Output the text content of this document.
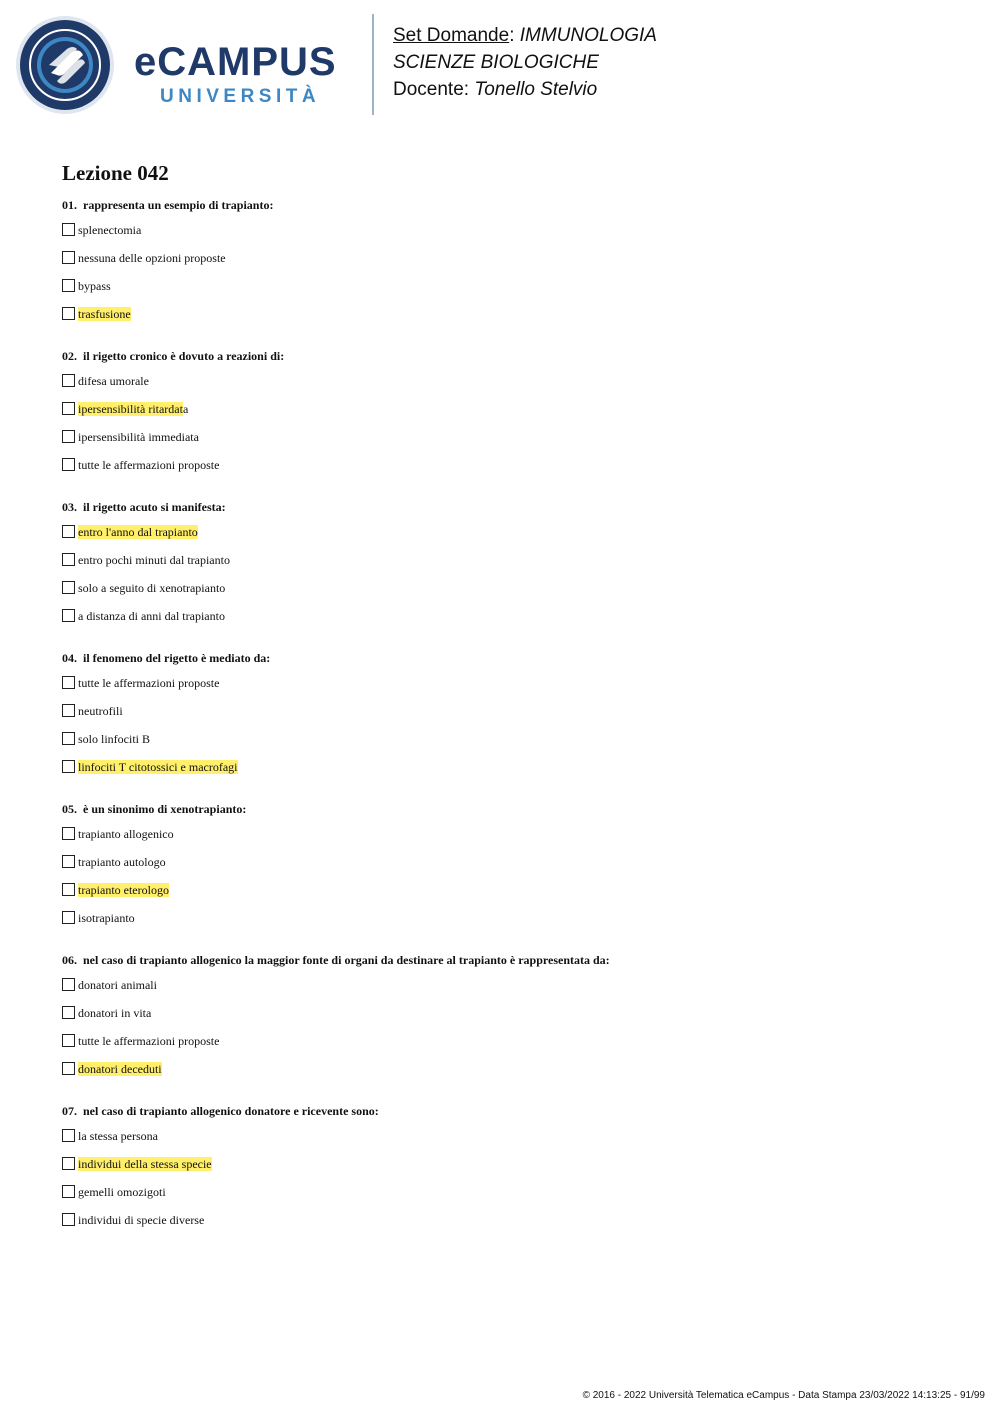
eCAMPUS
UNIVERSITÀ
Set Domande: IMMUNOLOGIA
SCIENZE BIOLOGICHE
Docente: Tonello Stelvio
Lezione 042
01. rappresenta un esempio di trapianto:
splenectomia
nessuna delle opzioni proposte
bypass
trasfusione
02. il rigetto cronico è dovuto a reazioni di:
difesa umorale
ipersensibilità ritardata
ipersensibilità immediata
tutte le affermazioni proposte
03. il rigetto acuto si manifesta:
entro l'anno dal trapianto
entro pochi minuti dal trapianto
solo a seguito di xenotrapianto
a distanza di anni dal trapianto
04. il fenomeno del rigetto è mediato da:
tutte le affermazioni proposte
neutrofili
solo linfociti B
linfociti T citotossici e macrofagi
05. è un sinonimo di xenotrapianto:
trapianto allogenico
trapianto autologo
trapianto eterologo
isotrapianto
06. nel caso di trapianto allogenico la maggior fonte di organi da destinare al trapianto è rappresentata da:
donatori animali
donatori in vita
tutte le affermazioni proposte
donatori deceduti
07. nel caso di trapianto allogenico donatore e ricevente sono:
la stessa persona
individui della stessa specie
gemelli omozigoti
individui di specie diverse
© 2016 - 2022 Università Telematica eCampus - Data Stampa 23/03/2022 14:13:25 - 91/99
